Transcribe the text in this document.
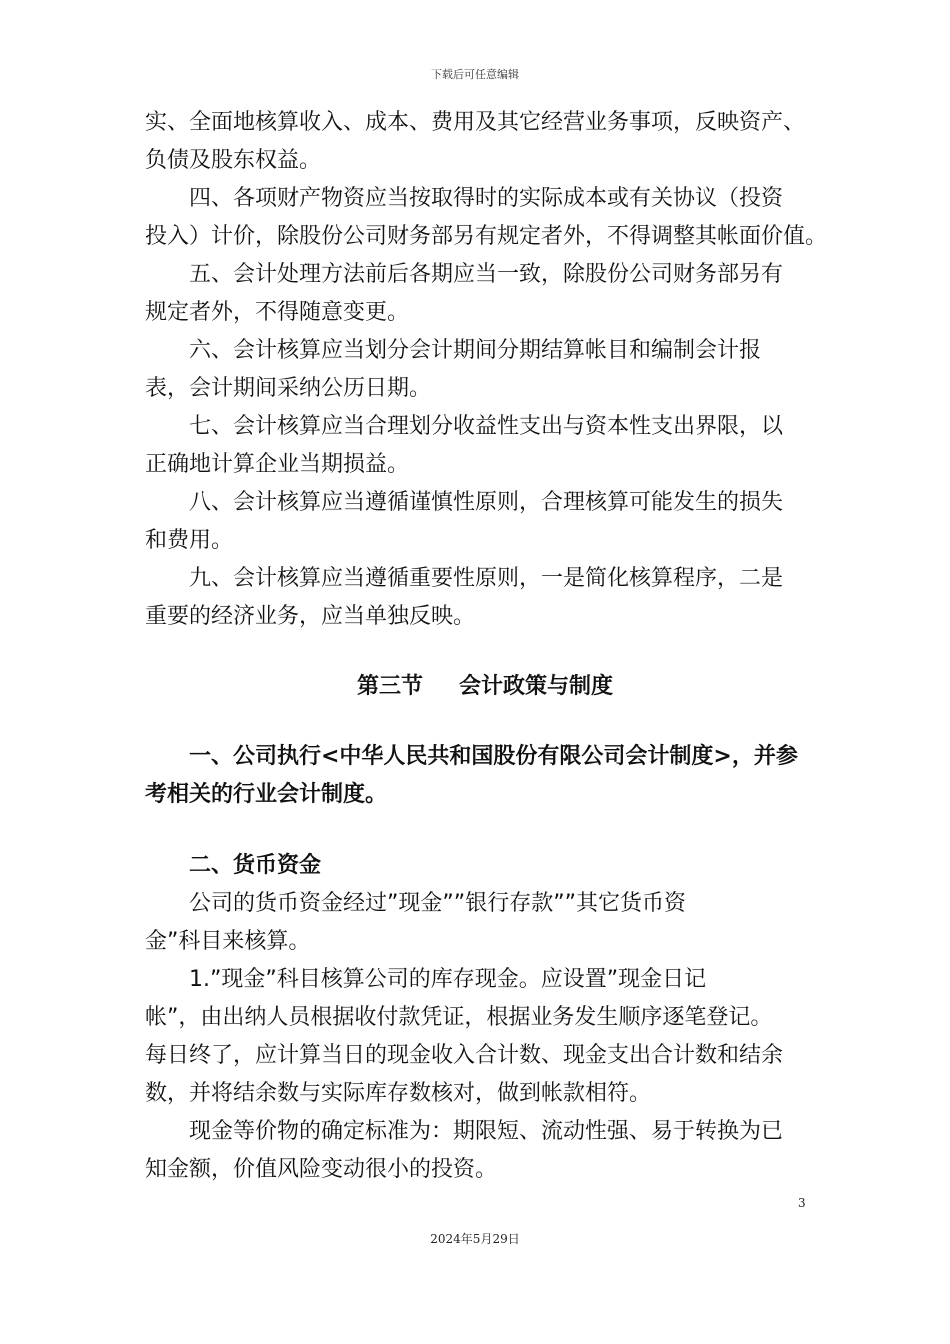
下载后可任意编辑
实、全面地核算收入、成本、费用及其它经营业务事项，反映资产、
负债及股东权益。
四、各项财产物资应当按取得时的实际成本或有关协议（投资
投入）计价，除股份公司财务部另有规定者外，不得调整其帐面价值。
五、会计处理方法前后各期应当一致，除股份公司财务部另有
规定者外，不得随意变更。
六、会计核算应当划分会计期间分期结算帐目和编制会计报
表，会计期间采纳公历日期。
七、会计核算应当合理划分收益性支出与资本性支出界限，以
正确地计算企业当期损益。
八、会计核算应当遵循谨慎性原则，合理核算可能发生的损失
和费用。
九、会计核算应当遵循重要性原则，一是简化核算程序，二是
重要的经济业务，应当单独反映。
第三节 会计政策与制度
一、公司执行<中华人民共和国股份有限公司会计制度>，并参
考相关的行业会计制度。
二、货币资金
公司的货币资金经过”现金””银行存款””其它货币资
金”科目来核算。
1.”现金”科目核算公司的库存现金。应设置”现金日记
帐”，由出纳人员根据收付款凭证，根据业务发生顺序逐笔登记。
每日终了，应计算当日的现金收入合计数、现金支出合计数和结余
数，并将结余数与实际库存数核对，做到帐款相符。
现金等价物的确定标准为：期限短、流动性强、易于转换为已
知金额，价值风险变动很小的投资。
3
2024年5月29日
